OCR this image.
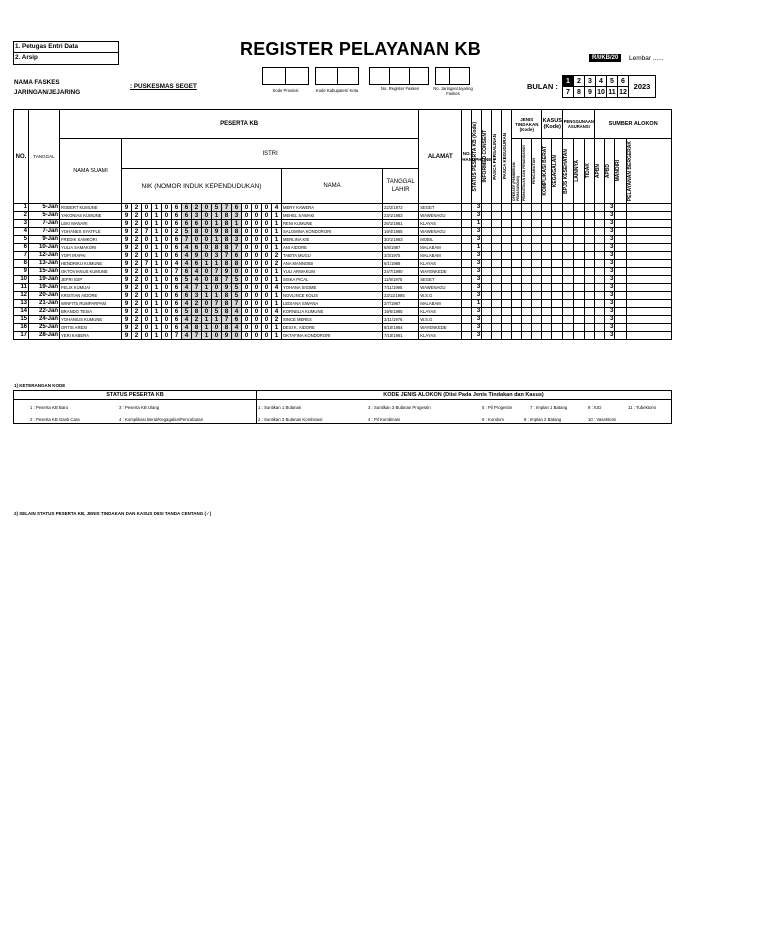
1. Petugas Entri Data
2. Arsip	REGISTER PELAYANAN KB	R/I/KB/20	Lembar ......
NAMA FASKES
JARINGAN/JEJARING
: PUSKESMAS SEGET
Kode Provinsi	Kode Kabupaten/ Kota	No. Register Faskes	No. Jaringan/Jejaring Faskes
BULAN :
1	2	3	4	5	6	2023
7	8	9	10	11	12	
NO.	TANGGAL	PESERTA KB																			ALAMAT	NO. HANDPHONE	STATUS PESERTA KB (Kode)	INFORMED CONSENT	PASCA PERSALINAN	PASCA KEGUGURAN	JENIS TINDAKAN (Kode)			KASUS (Kode)		PENGGUNAAN ASURANSI			SUMBER ALOKON			
		NAMA SUAMI	ISTRI																								OPERATIF (PEMBERIAN/ PEMASANGAN)	PEMANTAUAN DAN PENANGANAN	PENCABUTAN	KOMPLIKASI BERAT	KEGAGALAN	BPJS KESEHATAN	LAINNYA	TIDAK	APBN	APBD	MANDIRI	PELAYANAN BERGERAK

			NIK (NOMOR INDUK KEPENDUDUKAN)																NAMA	TANGGAL LAHIR																		
1	5-Jan	ROBERT KUMUNE	9	2	0	1	0	6	6	2	0	5	7	6	0	0	0	4	MERY KAWERA	22/2/1972	SEGET		3													3		
2	5-Jan	YAKONIAS KUMUNE	9	2	0	1	0	6	6	3	0	1	8	3	0	0	0	1	MEHEL SAWAKI	23/1/1983	WAWENAGU		3													3		
3	7-Jan	LEKI MANARI	9	2	0	1	0	6	6	6	0	1	8	1	0	0	0	1	RENI KUMUNE	26/1/1981	KLAYAS		1													3		
4	7-Jan	YOHANES SYATFLE	9	2	7	1	0	2	5	8	0	9	8	8	0	0	0	1	SALOMINA KONDORORI	19/4/1985	WAWENAGU		3													3		
5	9-Jan	FREDIK SAMKORI	9	2	0	1	0	6	7	0	0	1	8	3	0	0	0	1	MERLINA KIE	30/1/1983	MOBIL		3													3		
6	10-Jan	YULIA SAMAKORI	9	2	0	1	0	6	4	6	0	8	8	7	0	0	0	1	ANI AIDORE	6/8/1987	MALABAM		1													3		
7	12-Jan	YOPI IRAPAI	9	2	0	1	0	6	4	9	0	3	7	6	0	0	0	2	TABITA MUGU	3/3/1975	MALABAM		3													3		
8	13-Jan	HENDRIKU KUMUNE	9	2	7	1	0	4	4	6	1	1	8	8	0	0	0	2	ANA MANNOIBI	6/1/1988	KLAYAS		3													3		
9	15-Jan	OKTOVIANUS KUMUNE	9	2	0	1	0	7	6	4	0	7	9	0	0	0	0	1	YULI ARWAKUM	24/7/1990	WAYENKEDE		3													3		
10	19-Jan	JEFRI IGIP	9	2	0	1	0	6	5	4	0	8	7	5	0	0	0	1	SISKA PICAL	11/8/1975	SEGET		3													3		
11	19-Jan	FELIX KUMUAI	9	2	0	1	0	6	4	7	1	0	9	5	0	0	0	4	YOHANA SIGIME	7/11/1995	WAWENAGU		3													3		
12	20-Jan	KRISTIAN AIDORE	9	2	0	1	0	6	6	3	1	1	8	5	0	0	0	1	NOVLINCE KOLIS	23/11/1985	W.S.G		3													3		
13	21-Jan	WINFITS RUMPARPAM	9	2	0	1	0	6	4	2	0	7	8	7	0	0	0	1	LEDIANA SIWANA	2/7/1987	MALABAM		1													3		
14	22-Jan	BRANDO TESIA	9	2	0	1	0	6	5	8	0	5	8	4	0	0	0	4	KORNELIA KUMUNE	19/5/1985	KLAYAS		3													3		
15	24-Jan	YOHANIUS KUMUNE	9	2	0	1	0	6	4	2	1	1	7	6	0	0	0	2	SINCE MERES	2/11/1976	W.S.G		3													3		
16	25-Jan	ORTIS ARESI	9	2	0	1	0	6	4	8	1	0	8	4	0	0	0	1	DESI K. AIDORE	8/10/1984	WAYENKEDE		3													3		
17	28-Jan	YERI KABERA	9	2	0	1	0	7	4	7	1	0	9	0	0	0	0	1	OKTAFINA KONDORORI	7/10/1991	KLAYAS		3													3		
1) KETERANGAN KODE
STATUS PESERTA KB	KODE JENIS ALOKON (Diisi Pada Jenis Tindakan dan Kasus)
1 : Peserta KB Baru	3 : Peserta KB Ulang
2 : Peserta KB Ganti Cara	4 : Komplikasi Berat/Kegagalan/Pencabutan
1 : Suntikan 1 Bulanan	3 : Suntikan 3 Bulanan Progestin	5 : Pil Progestin	7 : Implan 1 Batang	9 : IUD	11 : Tubektomi
2 : Suntikan 3 Bulanan Kombinasi	4 : Pil Kombinasi	6 : Kondom	8 : Implan 2 Batang	10 : Vasektomi
2) SELAIN STATUS PESERTA KB, JENIS TINDAKAN DAN KASUS DIISI TANDA CENTANG (✓)
